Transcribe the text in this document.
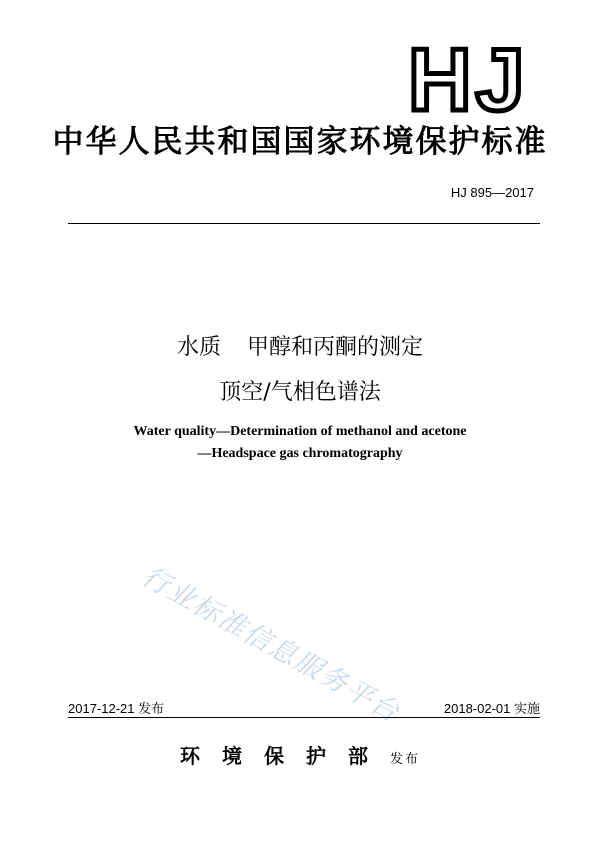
HJ
中华人民共和国国家环境保护标准
HJ 895—2017
水质 甲醇和丙酮的测定
顶空/气相色谱法
Water quality—Determination of methanol and acetone
—Headspace gas chromatography
行业标准信息服务平台
2017-12-21 发布	2018-02-01 实施
环境保护部发布
